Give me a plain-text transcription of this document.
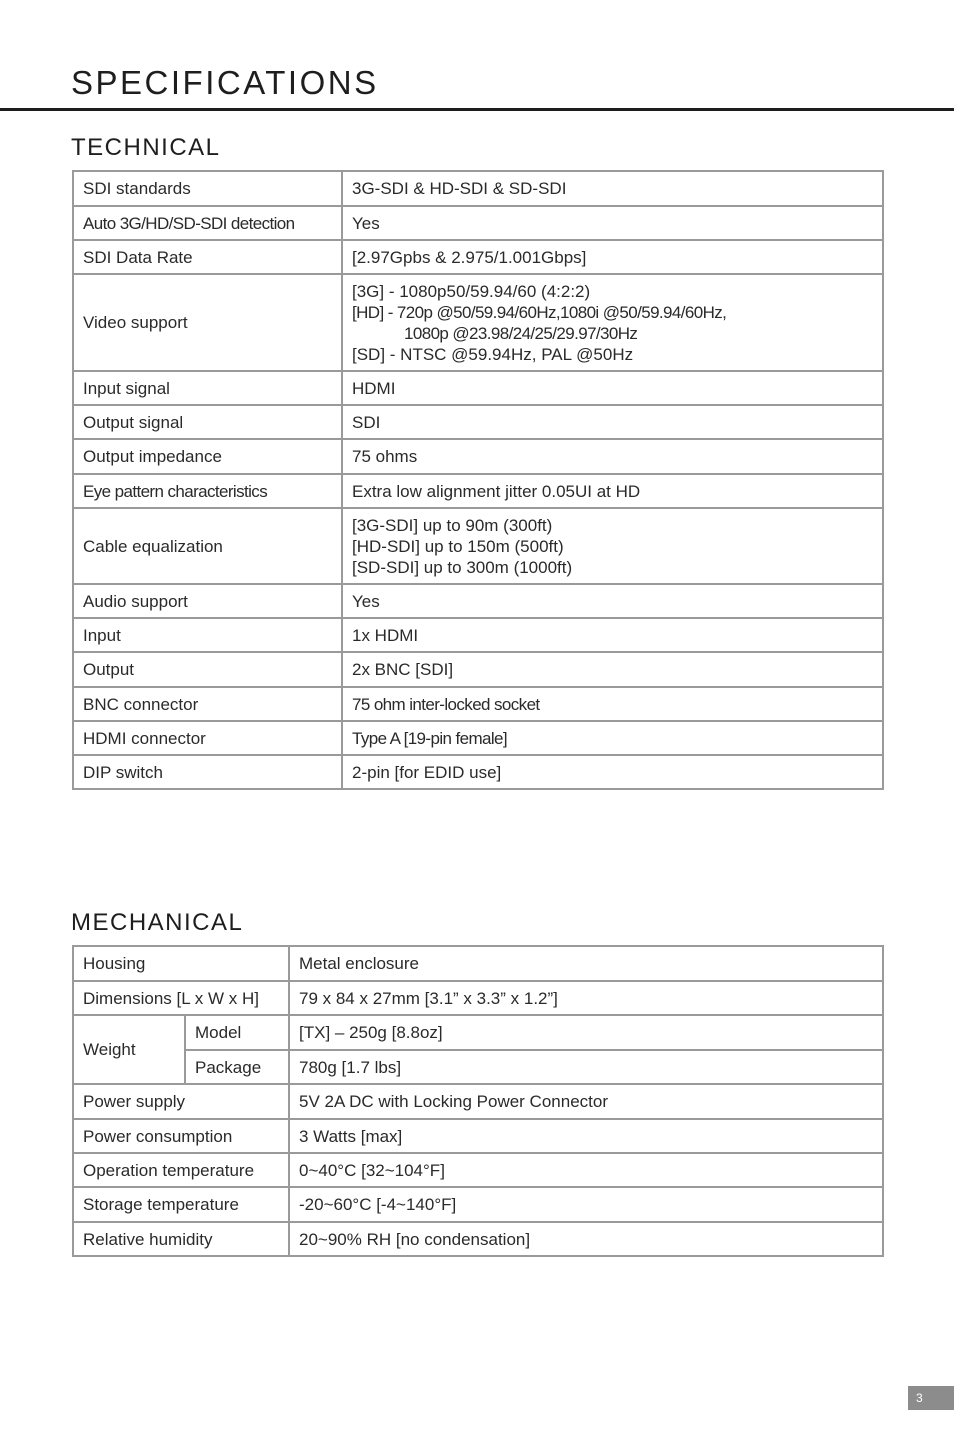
SPECIFICATIONS
TECHNICAL
SDI standards	3G-SDI & HD-SDI & SD-SDI
Auto 3G/HD/SD-SDI detection	Yes
SDI Data Rate	[2.97Gpbs & 2.975/1.001Gbps]
Video support	[3G] - 1080p50/59.94/60 (4:2:2)
[HD] - 720p @50/59.94/60Hz,1080i @50/59.94/60Hz,
1080p @23.98/24/25/29.97/30Hz
[SD] - NTSC @59.94Hz, PAL @50Hz

Input signal	HDMI
Output signal	SDI
Output impedance	75 ohms
Eye pattern characteristics	Extra low alignment jitter 0.05UI at HD
Cable equalization	[3G-SDI] up to 90m (300ft)
[HD-SDI] up to 150m (500ft)
[SD-SDI] up to 300m (1000ft)

Audio support	Yes
Input	1x HDMI
Output	2x BNC [SDI]
BNC connector	75 ohm inter-locked socket
HDMI connector	Type A [19-pin female]
DIP switch	2-pin [for EDID use]
MECHANICAL
Housing		Metal enclosure
Dimensions [L x W x H]		79 x 84 x 27mm [3.1” x 3.3” x 1.2”]
Weight	Model	[TX] – 250g [8.8oz]
	Package	780g [1.7 lbs]
Power supply		5V 2A DC with Locking Power Connector
Power consumption		3 Watts [max]
Operation temperature		0~40°C [32~104°F]
Storage temperature		-20~60°C [-4~140°F]
Relative humidity		20~90% RH [no condensation]
3
